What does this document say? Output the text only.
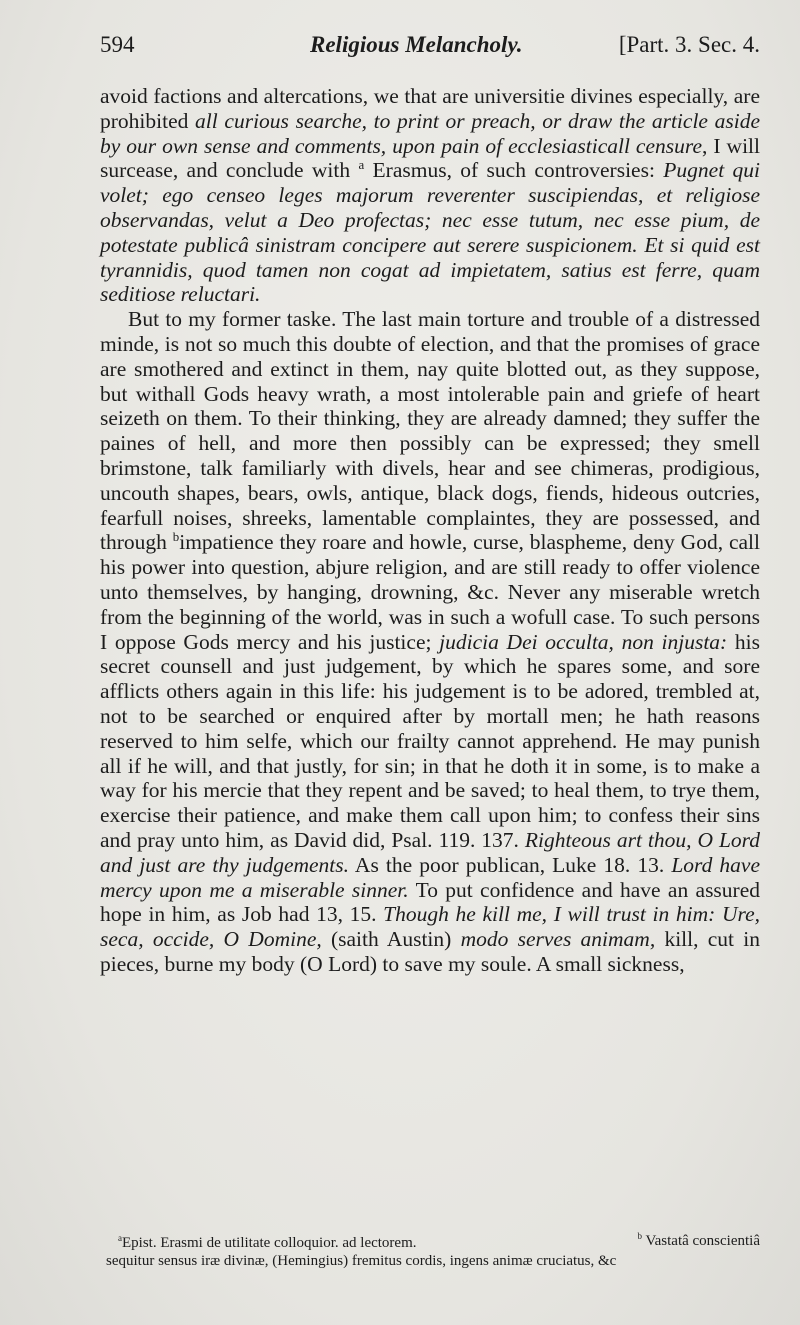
594	Religious Melancholy.	[Part. 3. Sec. 4.

avoid factions and altercations, we that are universitie divines especially, are prohibited all curious searche, to print or preach, or draw the article aside by our own sense and comments, upon pain of ecclesiasticall censure, I will surcease, and conclude with $^a$ Erasmus, of such controversies: Pugnet qui volet; ego censeo leges majorum reverenter suscipiendas, et religiose observandas, velut a Deo profectas; nec esse tutum, nec esse pium, de potestate publicâ sinistram concipere aut serere suspicionem. Et si quid est tyrannidis, quod tamen non cogat ad impietatem, satius est ferre, quam seditiose reluctari.

But to my former taske. The last main torture and trouble of a distressed minde, is not so much this doubte of election, and that the promises of grace are smothered and extinct in them, nay quite blotted out, as they suppose, but withall Gods heavy wrath, a most intolerable pain and griefe of heart seizeth on them. To their thinking, they are already damned; they suffer the paines of hell, and more then possibly can be expressed; they smell brimstone, talk familiarly with divels, hear and see chimeras, prodigious, uncouth shapes, bears, owls, antique, black dogs, fiends, hideous outcries, fearfull noises, shreeks, lamentable complaintes, they are possessed, and through $^b$impatience they roare and howle, curse, blaspheme, deny God, call his power into question, abjure religion, and are still ready to offer violence unto themselves, by hanging, drowning, &c. Never any miserable wretch from the beginning of the world, was in such a wofull case. To such persons I oppose Gods mercy and his justice; judicia Dei occulta, non injusta: his secret counsell and just judgement, by which he spares some, and sore afflicts others again in this life: his judgement is to be adored, trembled at, not to be searched or enquired after by mortall men; he hath reasons reserved to him selfe, which our frailty cannot apprehend. He may punish all if he will, and that justly, for sin; in that he doth it in some, is to make a way for his mercie that they repent and be saved; to heal them, to trye them, exercise their patience, and make them call upon him; to confess their sins and pray unto him, as David did, Psal. 119. 137. Righteous art thou, O Lord and just are thy judgements. As the poor publican, Luke 18. 13. Lord have mercy upon me a miserable sinner. To put confidence and have an assured hope in him, as Job had 13, 15. Though he kill me, I will trust in him: Ure, seca, occide, O Domine, (saith Austin) modo serves animam, kill, cut in pieces, burne my body (O Lord) to save my soule. A small sickness,

$^a$Epist. Erasmi de utilitate colloquior. ad lectorem.	$^b$ Vastatâ conscientiâ
sequitur sensus iræ divinæ, (Hemingius) fremitus cordis, ingens animæ cruciatus, &c
